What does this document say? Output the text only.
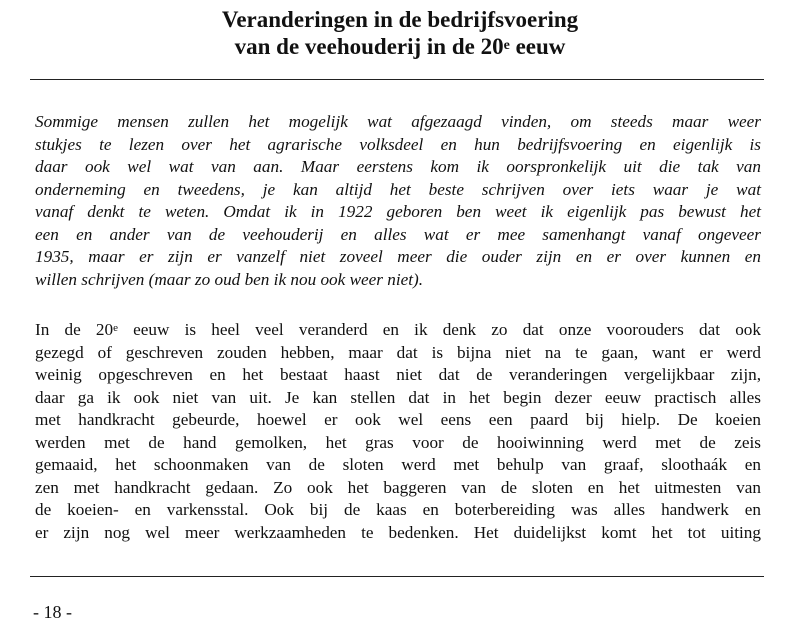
Veranderingen in de bedrijfsvoering
van de veehouderij in de 20e eeuw
Sommige mensen zullen het mogelijk wat afgezaagd vinden, om steeds maar weer
stukjes te lezen over het agrarische volksdeel en hun bedrijfsvoering en eigenlijk is
daar ook wel wat van aan. Maar eerstens kom ik oorspronkelijk uit die tak van
onderneming en tweedens, je kan altijd het beste schrijven over iets waar je wat
vanaf denkt te weten. Omdat ik in 1922 geboren ben weet ik eigenlijk pas bewust het
een en ander van de veehouderij en alles wat er mee samenhangt vanaf ongeveer
1935, maar er zijn er vanzelf niet zoveel meer die ouder zijn en er over kunnen en
willen schrijven (maar zo oud ben ik nou ook weer niet).
In de 20e eeuw is heel veel veranderd en ik denk zo dat onze voorouders dat ook
gezegd of geschreven zouden hebben, maar dat is bijna niet na te gaan, want er werd
weinig opgeschreven en het bestaat haast niet dat de veranderingen vergelijkbaar zijn,
daar ga ik ook niet van uit. Je kan stellen dat in het begin dezer eeuw practisch alles
met handkracht gebeurde, hoewel er ook wel eens een paard bij hielp. De koeien
werden met de hand gemolken, het gras voor de hooiwinning werd met de zeis
gemaaid, het schoonmaken van de sloten werd met behulp van graaf, sloothaák en
zen met handkracht gedaan. Zo ook het baggeren van de sloten en het uitmesten van
de koeien- en varkensstal. Ook bij de kaas en boterbereiding was alles handwerk en
er zijn nog wel meer werkzaamheden te bedenken. Het duidelijkst komt het tot uiting
- 18 -
